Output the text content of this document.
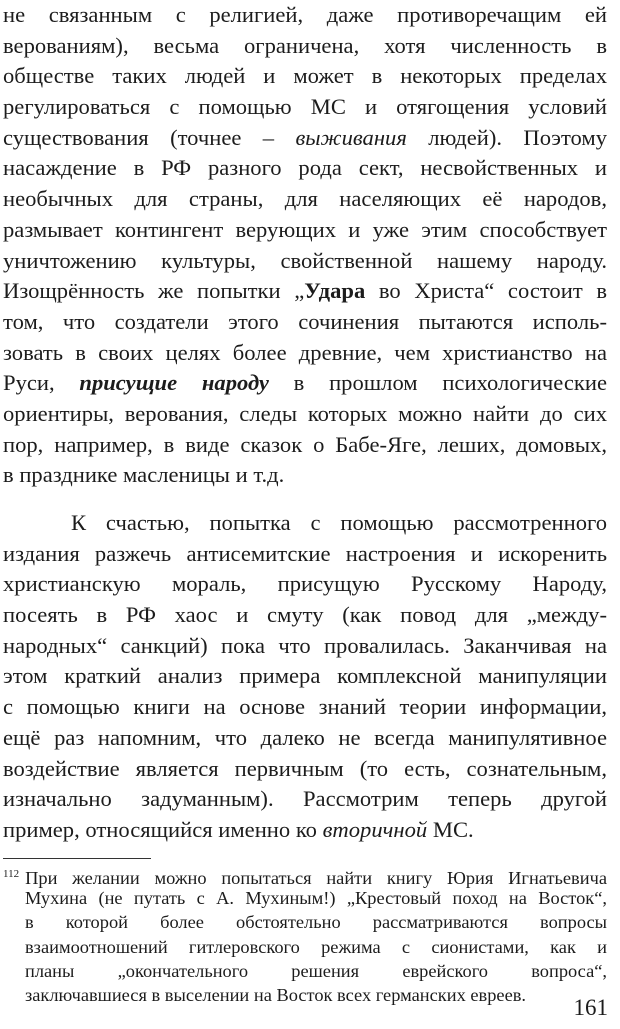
не связанным с религией, даже противоречащим ей
верованиям), весьма ограничена, хотя численность в
обществе таких людей и может в некоторых пределах
регулироваться с помощью МС и отягощения условий
существования (точнее – выживания людей). Поэтому
насаждение в РФ разного рода сект, несвойственных и
необычных для страны, для населяющих её народов,
размывает контингент верующих и уже этим способствует
уничтожению культуры, свойственной нашему народу.
Изощрённость же попытки „Удара во Христа“ состоит в
том, что создатели этого сочинения пытаются исполь-
зовать в своих целях более древние, чем христианство на
Руси, присущие народу в прошлом психологические
ориентиры, верования, следы которых можно найти до сих
пор, например, в виде сказок о Бабе-Яге, леших, домовых,
в празднике масленицы и т.д.
К счастью, попытка с помощью рассмотренного
издания разжечь антисемитские настроения и искоренить
христианскую мораль, присущую Русскому Народу,
посеять в РФ хаос и смуту (как повод для „между-
народных“ санкций) пока что провалилась. Заканчивая на
этом краткий анализ примера комплексной манипуляции
с помощью книги на основе знаний теории информации,
ещё раз напомним, что далеко не всегда манипулятивное
воздействие является первичным (то есть, сознательным,
изначально задуманным). Рассмотрим теперь другой
пример, относящийся именно ко вторичной МС.
$^{112}$ При желании можно попытаться найти книгу Юрия Игнатьевича
Мухина (не путать с А. Мухиным!) „Крестовый поход на Восток“,
в которой более обстоятельно рассматриваются вопросы
взаимоотношений гитлеровского режима с сионистами, как и
планы „окончательного решения еврейского вопроса“,
заключавшиеся в выселении на Восток всех германских евреев.
161
